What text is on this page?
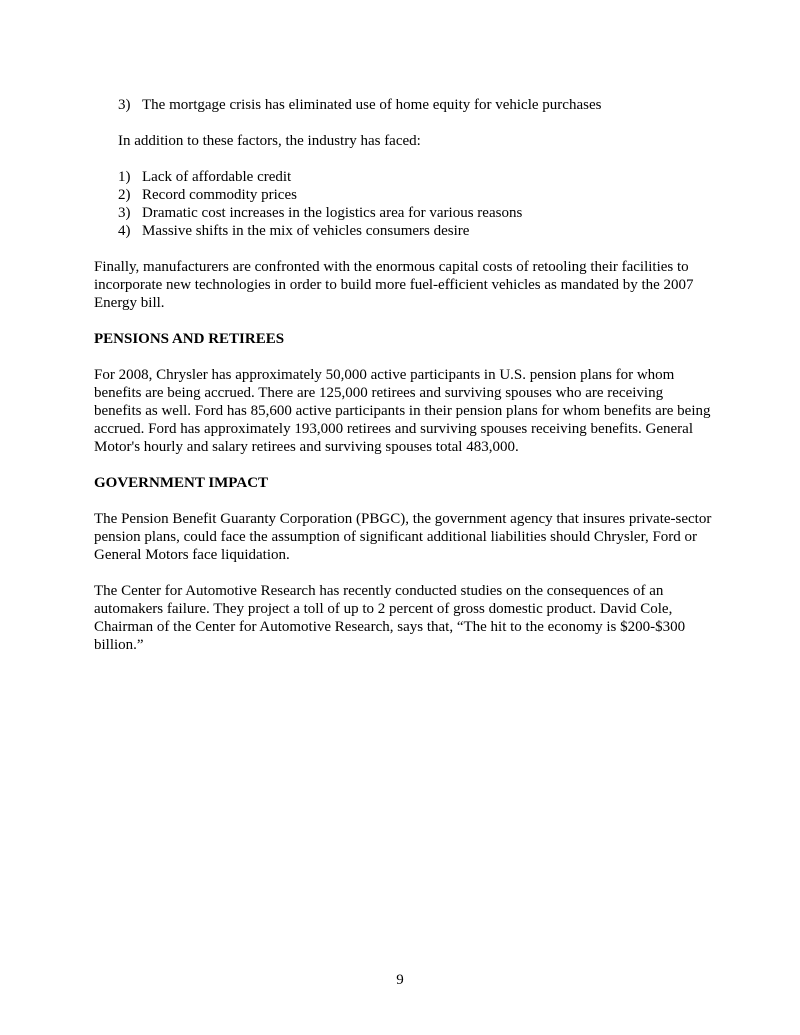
3) The mortgage crisis has eliminated use of home equity for vehicle purchases
In addition to these factors, the industry has faced:
1) Lack of affordable credit
2) Record commodity prices
3) Dramatic cost increases in the logistics area for various reasons
4) Massive shifts in the mix of vehicles consumers desire

Finally, manufacturers are confronted with the enormous capital costs of retooling their facilities to incorporate new technologies in order to build more fuel-efficient vehicles as mandated by the 2007 Energy bill.

PENSIONS AND RETIREES

For 2008, Chrysler has approximately 50,000 active participants in U.S. pension plans for whom benefits are being accrued. There are 125,000 retirees and surviving spouses who are receiving benefits as well. Ford has 85,600 active participants in their pension plans for whom benefits are being accrued. Ford has approximately 193,000 retirees and surviving spouses receiving benefits. General Motor's hourly and salary retirees and surviving spouses total 483,000.

GOVERNMENT IMPACT

The Pension Benefit Guaranty Corporation (PBGC), the government agency that insures private-sector pension plans, could face the assumption of significant additional liabilities should Chrysler, Ford or General Motors face liquidation.

The Center for Automotive Research has recently conducted studies on the consequences of an automakers failure. They project a toll of up to 2 percent of gross domestic product. David Cole, Chairman of the Center for Automotive Research, says that, “The hit to the economy is $200-$300 billion.”

9
